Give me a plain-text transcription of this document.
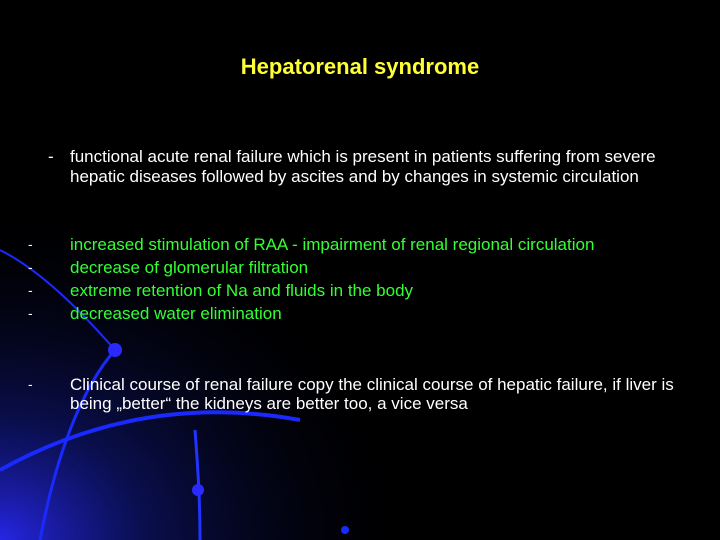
Hepatorenal syndrome
- functional acute renal failure which is present in patients suffering from severe hepatic diseases followed by ascites and by changes in systemic circulation
- increased stimulation of RAA - impairment of renal regional circulation
- decrease of glomerular filtration
- extreme retention of Na and fluids in the body
- decreased water elimination
- Clinical course of renal failure copy the clinical course of hepatic failure, if liver is being „better“ the kidneys are better too, a vice versa
